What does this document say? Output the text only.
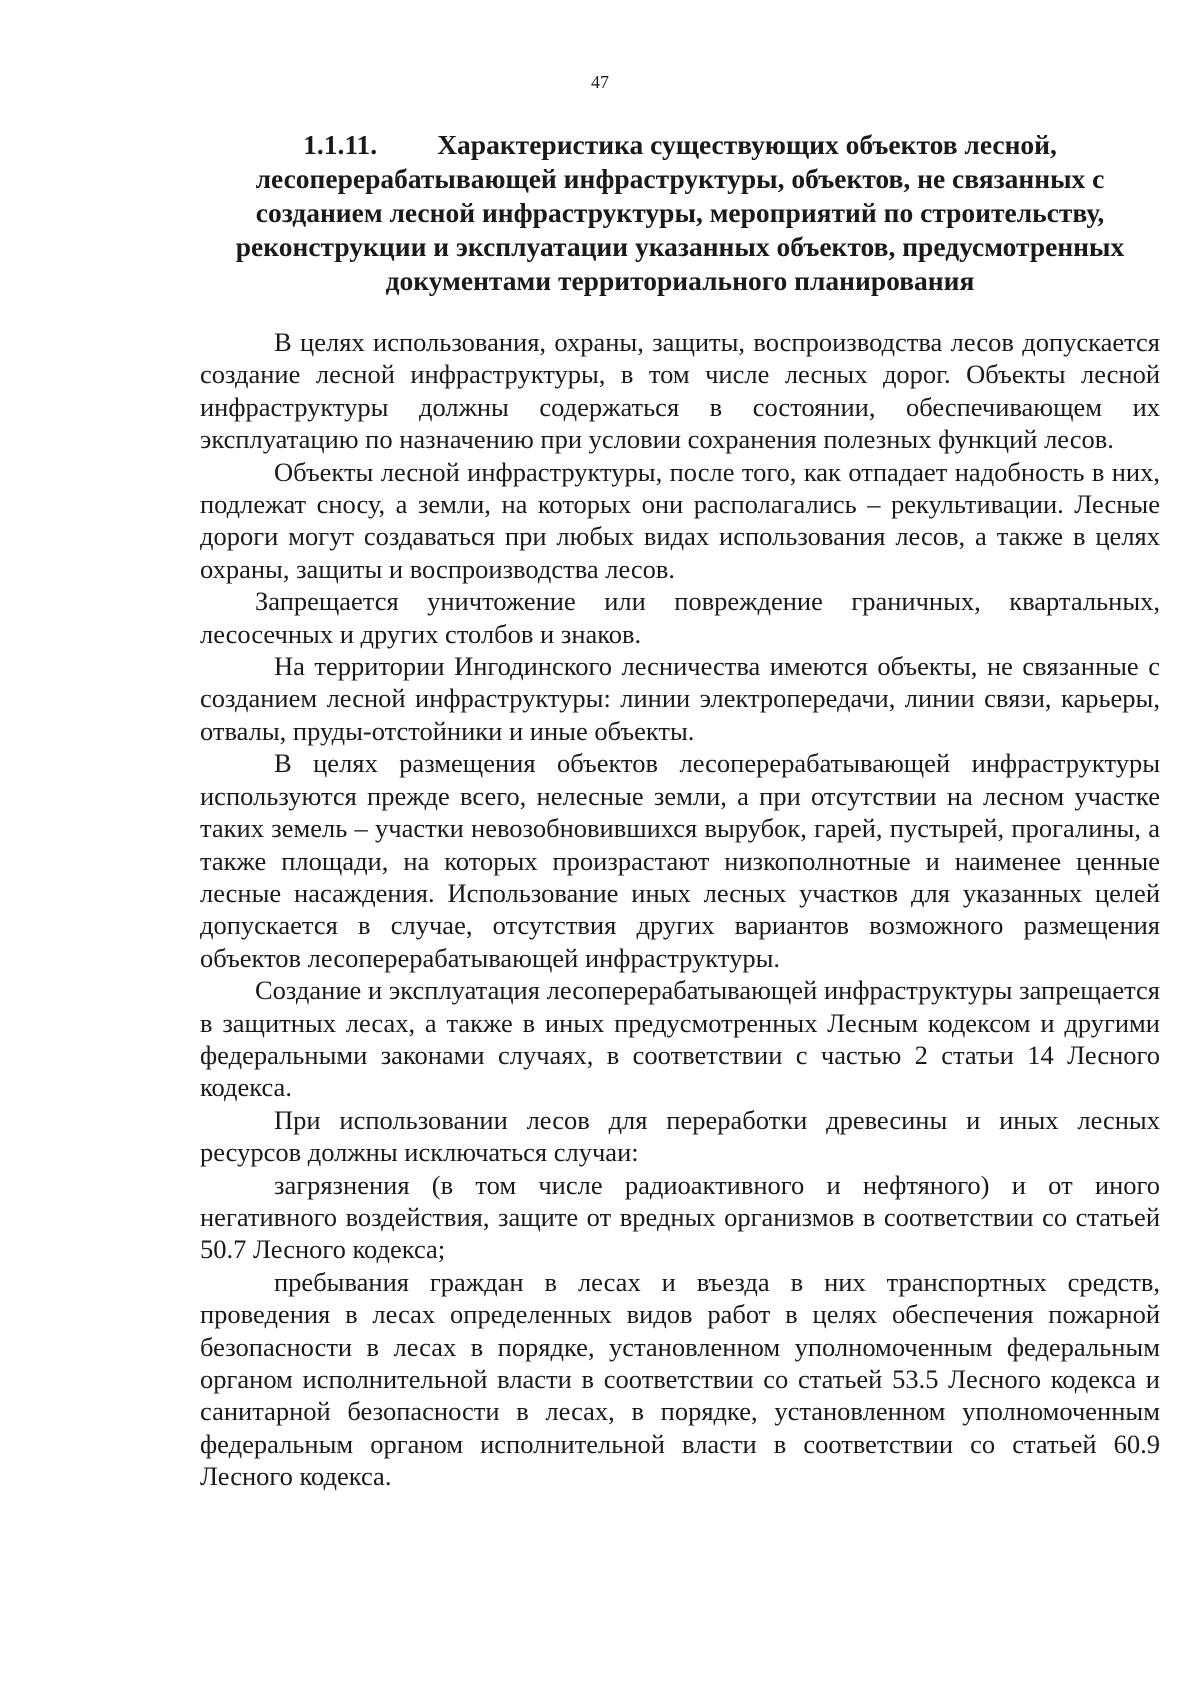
47
1.1.11. Характеристика существующих объектов лесной, лесоперерабатывающей инфраструктуры, объектов, не связанных с созданием лесной инфраструктуры, мероприятий по строительству, реконструкции и эксплуатации указанных объектов, предусмотренных документами территориального планирования

В целях использования, охраны, защиты, воспроизводства лесов допускается создание лесной инфраструктуры, в том числе лесных дорог. Объекты лесной инфраструктуры должны содержаться в состоянии, обеспечивающем их эксплуатацию по назначению при условии сохранения полезных функций лесов.

Объекты лесной инфраструктуры, после того, как отпадает надобность в них, подлежат сносу, а земли, на которых они располагались – рекультивации. Лесные дороги могут создаваться при любых видах использования лесов, а также в целях охраны, защиты и воспроизводства лесов.

Запрещается уничтожение или повреждение граничных, квартальных, лесосечных и других столбов и знаков.

На территории Ингодинского лесничества имеются объекты, не связанные с созданием лесной инфраструктуры: линии электропередачи, линии связи, карьеры, отвалы, пруды-отстойники и иные объекты.

В целях размещения объектов лесоперерабатывающей инфраструктуры используются прежде всего, нелесные земли, а при отсутствии на лесном участке таких земель – участки невозобновившихся вырубок, гарей, пустырей, прогалины, а также площади, на которых произрастают низкополнотные и наименее ценные лесные насаждения. Использование иных лесных участков для указанных целей допускается в случае, отсутствия других вариантов возможного размещения объектов лесоперерабатывающей инфраструктуры.

Создание и эксплуатация лесоперерабатывающей инфраструктуры запрещается в защитных лесах, а также в иных предусмотренных Лесным кодексом и другими федеральными законами случаях, в соответствии с частью 2 статьи 14 Лесного кодекса.

При использовании лесов для переработки древесины и иных лесных ресурсов должны исключаться случаи:

загрязнения (в том числе радиоактивного и нефтяного) и от иного негативного воздействия, защите от вредных организмов в соответствии со статьей 50.7 Лесного кодекса;

пребывания граждан в лесах и въезда в них транспортных средств, проведения в лесах определенных видов работ в целях обеспечения пожарной безопасности в лесах в порядке, установленном уполномоченным федеральным органом исполнительной власти в соответствии со статьей 53.5 Лесного кодекса и санитарной безопасности в лесах, в порядке, установленном уполномоченным федеральным органом исполнительной власти в соответствии со статьей 60.9 Лесного кодекса.
